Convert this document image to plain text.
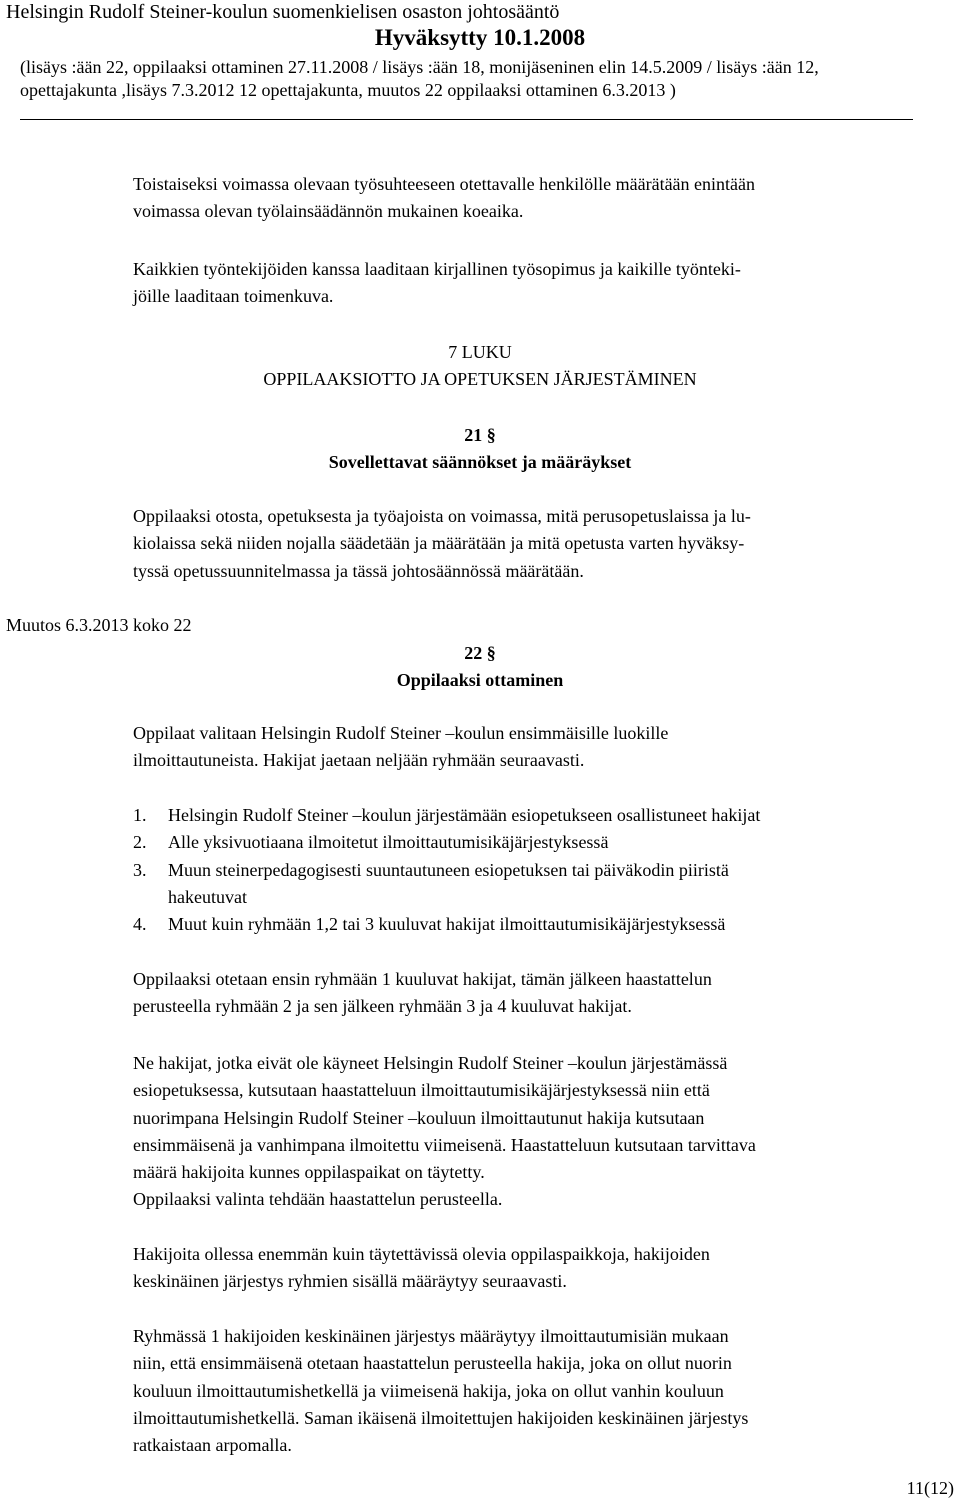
Helsingin Rudolf Steiner-koulun suomenkielisen osaston johtosääntö
Hyväksytty 10.1.2008
(lisäys :ään 22, oppilaaksi ottaminen 27.11.2008 / lisäys :ään 18, monijäseninen elin 14.5.2009 / lisäys :ään 12,
opettajakunta ,lisäys 7.3.2012 12 opettajakunta, muutos 22 oppilaaksi ottaminen 6.3.2013 )

Toistaiseksi voimassa olevaan työsuhteeseen otettavalle henkilölle määrätään enintään
voimassa olevan työlainsäädännön mukainen koeaika.

Kaikkien työntekijöiden kanssa laaditaan kirjallinen työsopimus ja kaikille työnteki-
jöille laaditaan toimenkuva.

7 LUKU
OPPILAAKSIOTTO JA OPETUKSEN JÄRJESTÄMINEN
21 §
Sovellettavat säännökset ja määräykset

Oppilaaksi otosta, opetuksesta ja työajoista on voimassa, mitä perusopetuslaissa ja lu-
kiolaissa sekä niiden nojalla säädetään ja määrätään ja mitä opetusta varten hyväksy-
tyssä opetussuunnitelmassa ja tässä johtosäännössä määrätään.

Muutos 6.3.2013 koko 22
22 §
Oppilaaksi ottaminen

Oppilaat valitaan Helsingin Rudolf Steiner –koulun ensimmäisille luokille
ilmoittautuneista. Hakijat jaetaan neljään ryhmään seuraavasti.

1. Helsingin Rudolf Steiner –koulun järjestämään esiopetukseen osallistuneet hakijat
2. Alle yksivuotiaana ilmoitetut ilmoittautumisikäjärjestyksessä
3. Muun steinerpedagogisesti suuntautuneen esiopetuksen tai päiväkodin piiristä
hakeutuvat
4. Muut kuin ryhmään 1,2 tai 3 kuuluvat hakijat ilmoittautumisikäjärjestyksessä

Oppilaaksi otetaan ensin ryhmään 1 kuuluvat hakijat, tämän jälkeen haastattelun
perusteella ryhmään 2 ja sen jälkeen ryhmään 3 ja 4 kuuluvat hakijat.

Ne hakijat, jotka eivät ole käyneet Helsingin Rudolf Steiner –koulun järjestämässä
esiopetuksessa, kutsutaan haastatteluun ilmoittautumisikäjärjestyksessä niin että
nuorimpana Helsingin Rudolf Steiner –kouluun ilmoittautunut hakija kutsutaan
ensimmäisenä ja vanhimpana ilmoitettu viimeisenä. Haastatteluun kutsutaan tarvittava
määrä hakijoita kunnes oppilaspaikat on täytetty.
Oppilaaksi valinta tehdään haastattelun perusteella.

Hakijoita ollessa enemmän kuin täytettävissä olevia oppilaspaikkoja, hakijoiden
keskinäinen järjestys ryhmien sisällä määräytyy seuraavasti.

Ryhmässä 1 hakijoiden keskinäinen järjestys määräytyy ilmoittautumisiän mukaan
niin, että ensimmäisenä otetaan haastattelun perusteella hakija, joka on ollut nuorin
kouluun ilmoittautumishetkellä ja viimeisenä hakija, joka on ollut vanhin kouluun
ilmoittautumishetkellä. Saman ikäisenä ilmoitettujen hakijoiden keskinäinen järjestys
ratkaistaan arpomalla.

11(12)
